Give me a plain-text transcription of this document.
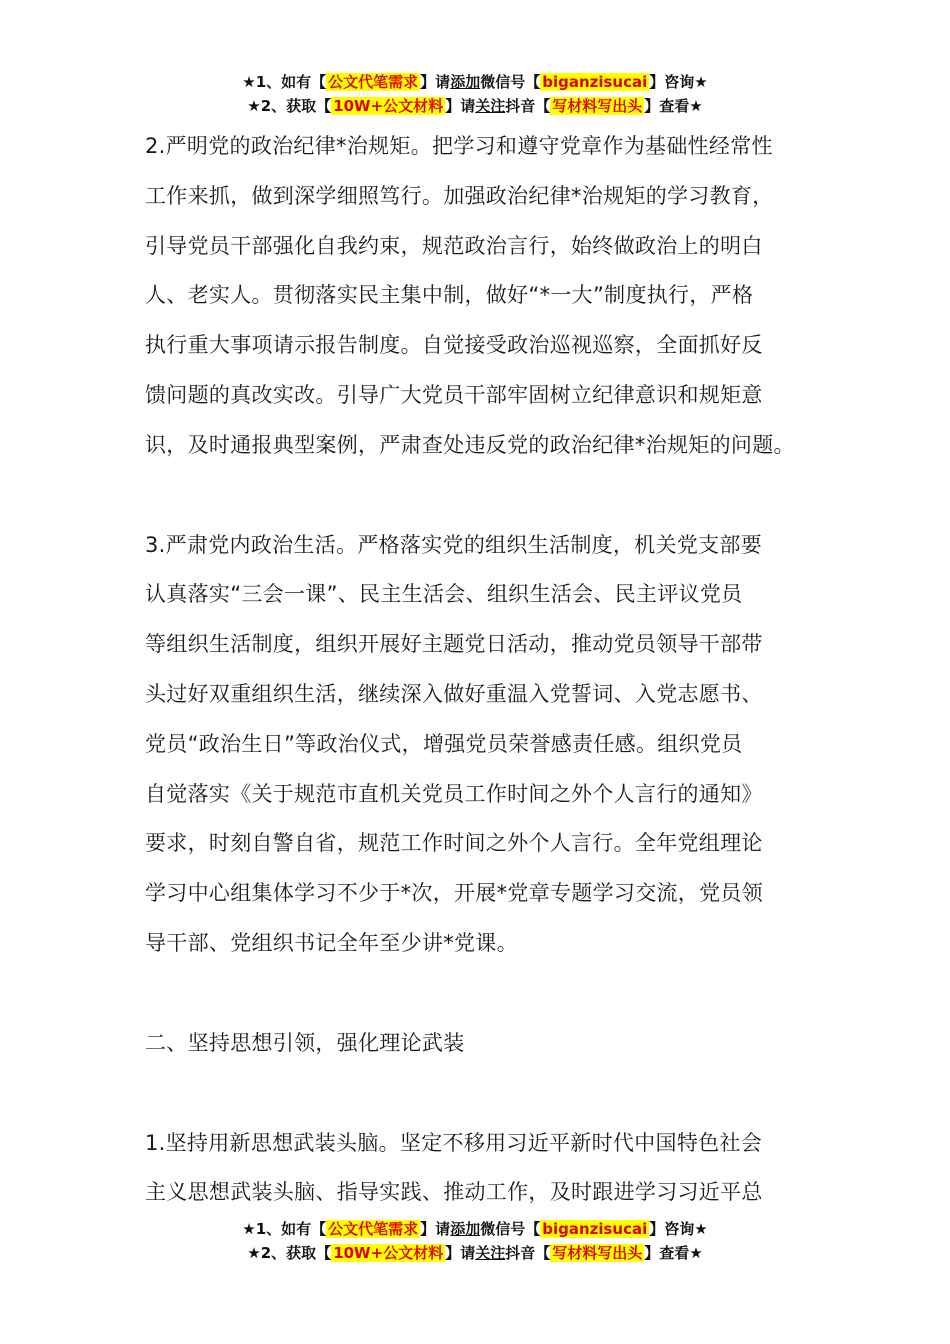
★1、如有【 公文代笔需求 】请添加微信号【 biganzisucai 】咨询★
★2、获取【 10W+公文材料 】请关注抖音【 写材料写出头 】查看★
2.严明党的政治纪律*治规矩。把学习和遵守党章作为基础性经常性
工作来抓，做到深学细照笃行。加强政治纪律*治规矩的学习教育，
引导党员干部强化自我约束，规范政治言行，始终做政治上的明白
人、老实人。贯彻落实民主集中制，做好“*一大”制度执行，严格
执行重大事项请示报告制度。自觉接受政治巡视巡察，全面抓好反
馈问题的真改实改。引导广大党员干部牢固树立纪律意识和规矩意
识，及时通报典型案例，严肃查处违反党的政治纪律*治规矩的问题。
3.严肃党内政治生活。严格落实党的组织生活制度，机关党支部要
认真落实“三会一课”、民主生活会、组织生活会、民主评议党员
等组织生活制度，组织开展好主题党日活动，推动党员领导干部带
头过好双重组织生活，继续深入做好重温入党誓词、入党志愿书、
党员“政治生日”等政治仪式，增强党员荣誉感责任感。组织党员
自觉落实《关于规范市直机关党员工作时间之外个人言行的通知》
要求，时刻自警自省，规范工作时间之外个人言行。全年党组理论
学习中心组集体学习不少于*次，开展*党章专题学习交流，党员领
导干部、党组织书记全年至少讲*党课。
二、坚持思想引领，强化理论武装
1.坚持用新思想武装头脑。坚定不移用习近平新时代中国特色社会
主义思想武装头脑、指导实践、推动工作，及时跟进学习习近平总
★1、如有【 公文代笔需求 】请添加微信号【 biganzisucai 】咨询★
★2、获取【 10W+公文材料 】请关注抖音【 写材料写出头 】查看★
